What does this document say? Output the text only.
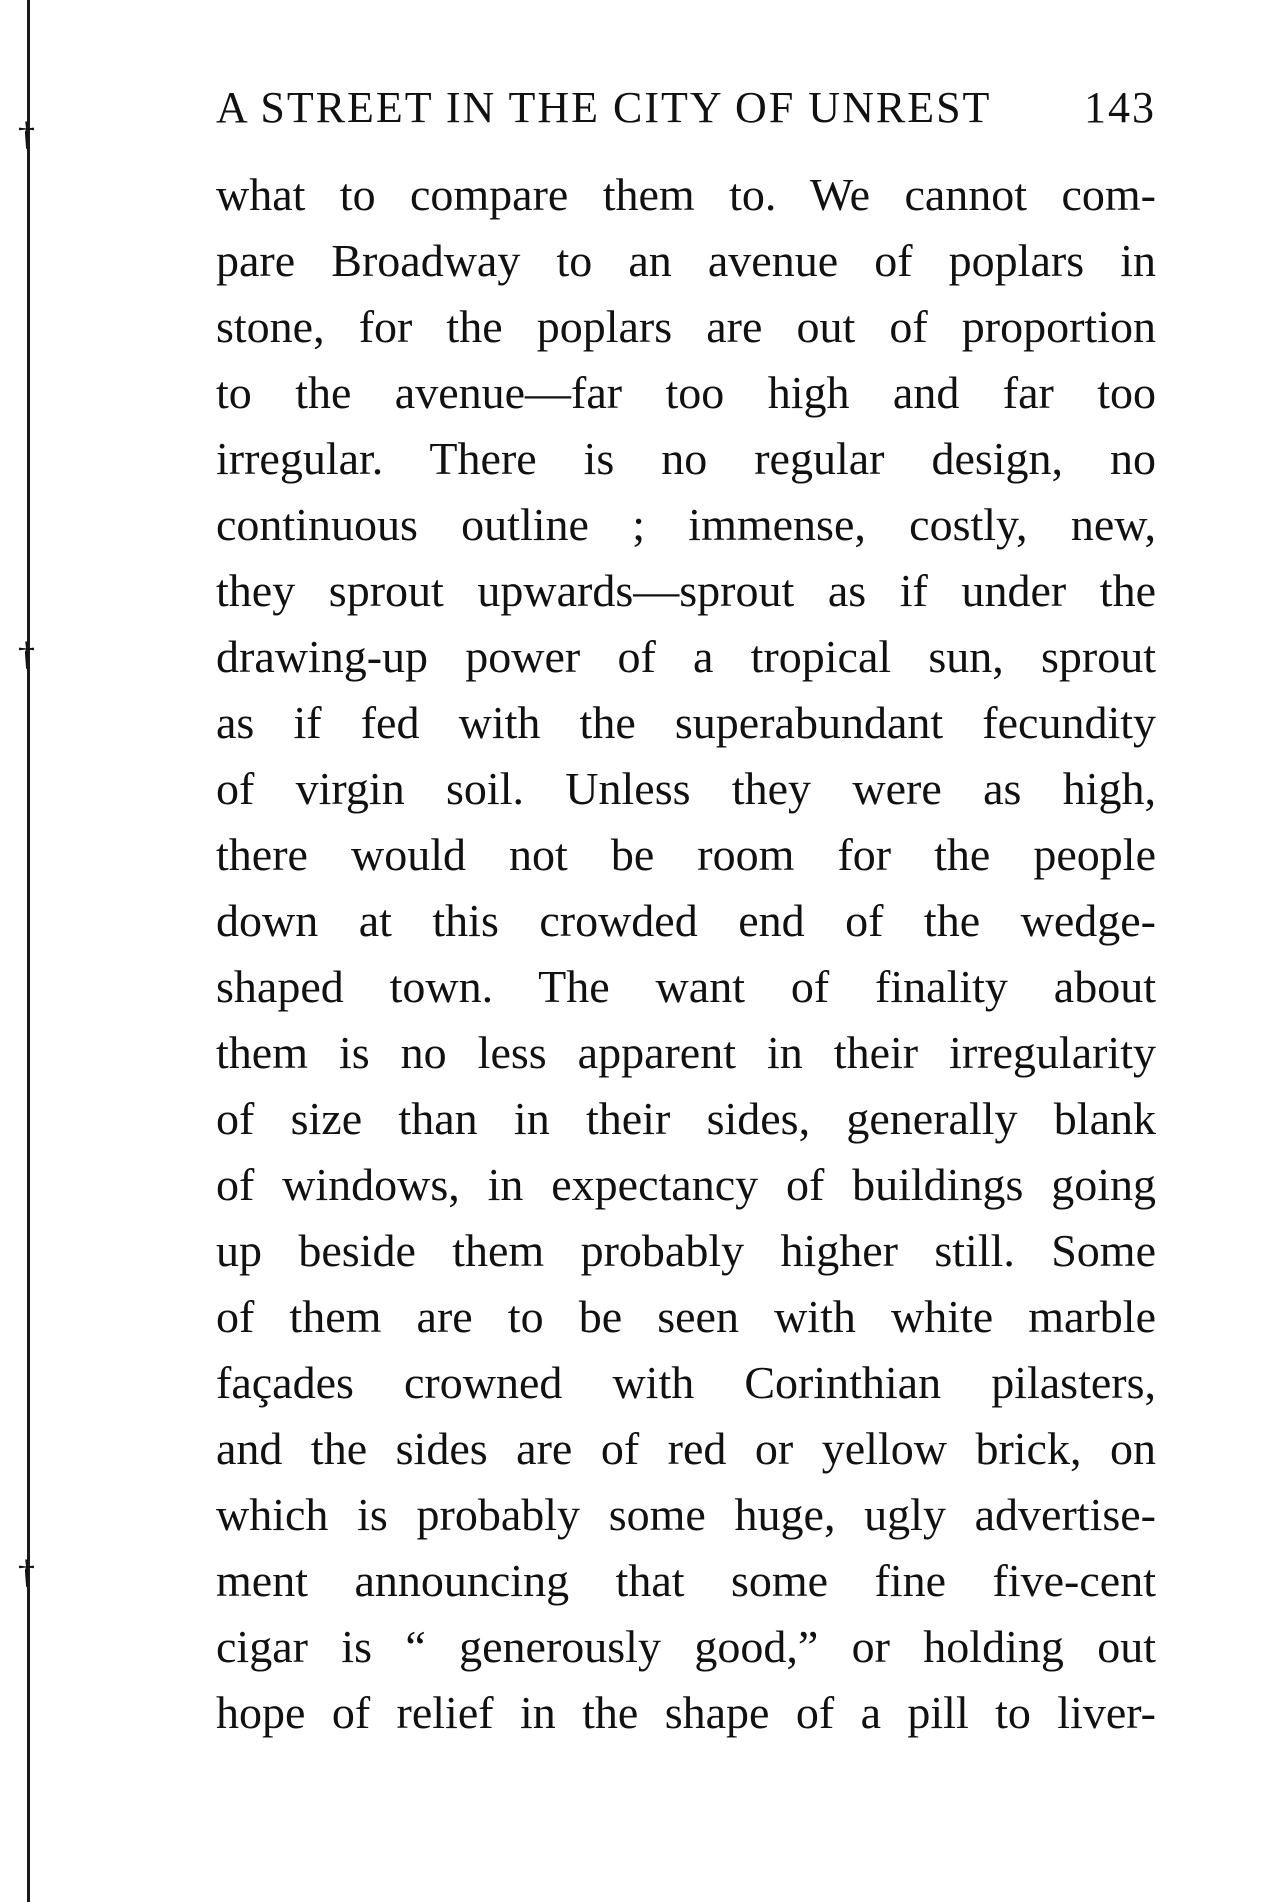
†
†
†
A STREET IN THE CITY OF UNREST 143
what to compare them to. We cannot com-
pare Broadway to an avenue of poplars in
stone, for the poplars are out of proportion
to the avenue—far too high and far too
irregular. There is no regular design, no
continuous outline ; immense, costly, new,
they sprout upwards—sprout as if under the
drawing-up power of a tropical sun, sprout
as if fed with the superabundant fecundity
of virgin soil. Unless they were as high,
there would not be room for the people
down at this crowded end of the wedge-
shaped town. The want of finality about
them is no less apparent in their irregularity
of size than in their sides, generally blank
of windows, in expectancy of buildings going
up beside them probably higher still. Some
of them are to be seen with white marble
façades crowned with Corinthian pilasters,
and the sides are of red or yellow brick, on
which is probably some huge, ugly advertise-
ment announcing that some fine five-cent
cigar is “ generously good,” or holding out
hope of relief in the shape of a pill to liver-
